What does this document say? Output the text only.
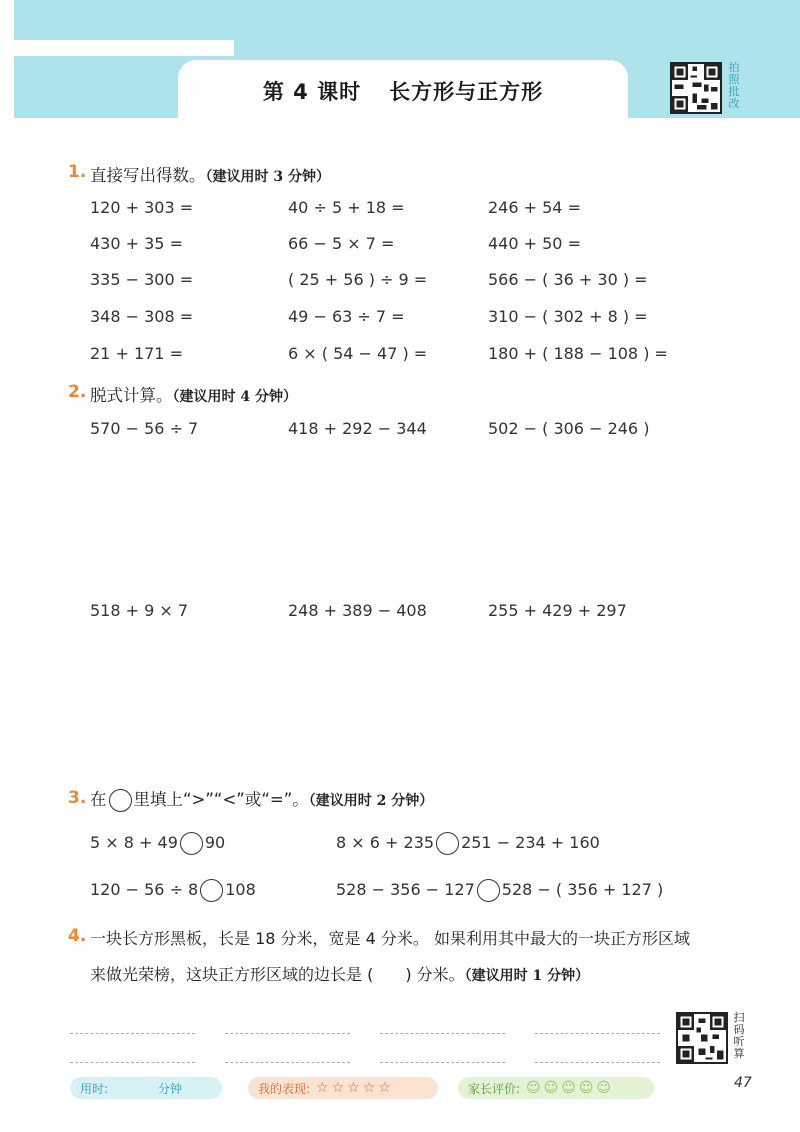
第 4 课时 长方形与正方形
拍照批改
1. 直接写出得数。（建议用时 3 分钟）
120 + 303 =	40 ÷ 5 + 18 =	246 + 54 =
430 + 35 =	66 − 5 × 7 =	440 + 50 =
335 − 300 =	( 25 + 56 ) ÷ 9 =	566 − ( 36 + 30 ) =
348 − 308 =	49 − 63 ÷ 7 =	310 − ( 302 + 8 ) =
21 + 171 =	6 × ( 54 − 47 ) =	180 + ( 188 − 108 ) =
2. 脱式计算。（建议用时 4 分钟）
570 − 56 ÷ 7	418 + 292 − 344	502 − ( 306 − 246 )
518 + 9 × 7	248 + 389 − 408	255 + 429 + 297
3. 在 里填上“>”“<”或“=”。（建议用时 2 分钟）
5 × 8 + 49 90	8 × 6 + 235 251 − 234 + 160
120 − 56 ÷ 8 108	528 − 356 − 127 528 − ( 356 + 127 )
4. 一块长方形黑板，长是 18 分米，宽是 4 分米。 如果利用其中最大的一块正方形区域
来做光荣榜，这块正方形区域的边长是 (　　) 分米。（建议用时 1 分钟）
扫码听算
用时:	分钟	我的表现: ☆☆☆☆☆	家长评价: ☺☺☺☺☺	47
